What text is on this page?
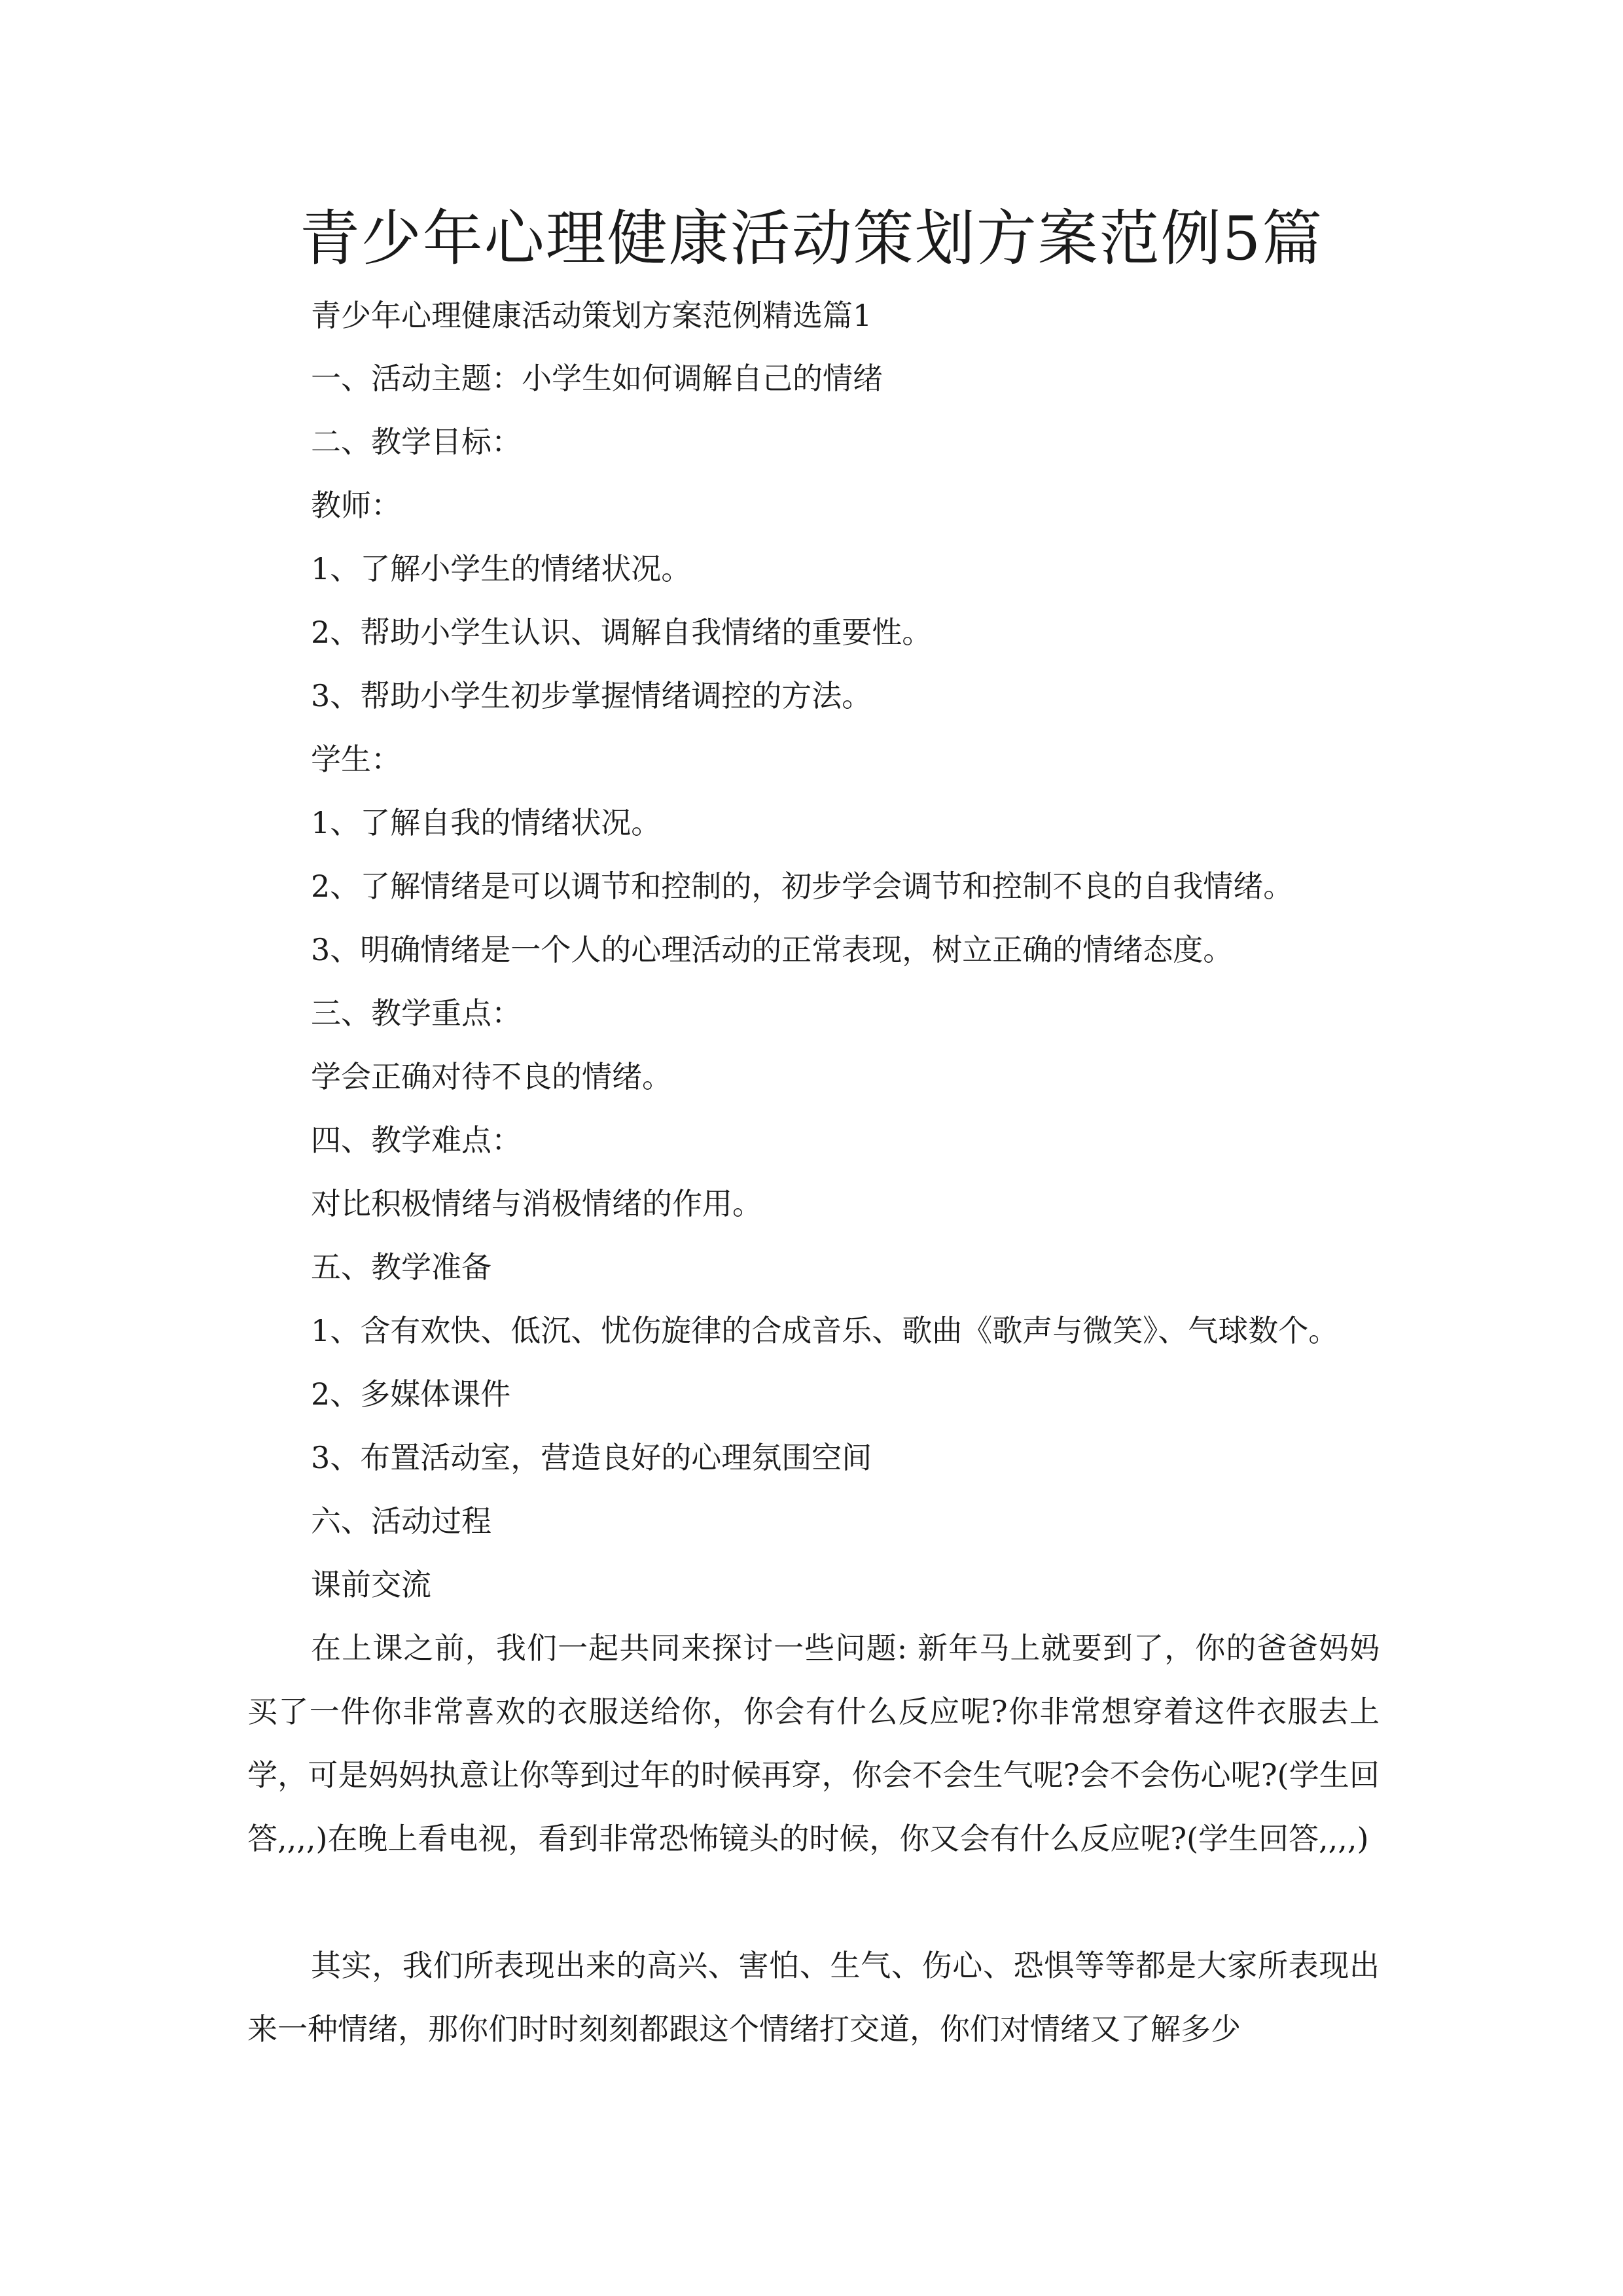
青少年心理健康活动策划方案范例5篇

青少年心理健康活动策划方案范例精选篇1

一、活动主题：小学生如何调解自己的情绪

二、教学目标：

教师：

1、了解小学生的情绪状况。

2、帮助小学生认识、调解自我情绪的重要性。

3、帮助小学生初步掌握情绪调控的方法。

学生：

1、了解自我的情绪状况。

2、了解情绪是可以调节和控制的，初步学会调节和控制不良的自我情绪。

3、明确情绪是一个人的心理活动的正常表现，树立正确的情绪态度。

三、教学重点：

学会正确对待不良的情绪。

四、教学难点：

对比积极情绪与消极情绪的作用。

五、教学准备

1、含有欢快、低沉、忧伤旋律的合成音乐、歌曲《歌声与微笑》、气球数个。

2、多媒体课件

3、布置活动室，营造良好的心理氛围空间

六、活动过程

课前交流

在上课之前，我们一起共同来探讨一些问题: 新年马上就要到了，你的爸爸妈妈买了一件你非常喜欢的衣服送给你，你会有什么反应呢?你非常想穿着这件衣服去上学，可是妈妈执意让你等到过年的时候再穿，你会不会生气呢?会不会伤心呢?(学生回答,,,,)在晚上看电视，看到非常恐怖镜头的时候，你又会有什么反应呢?(学生回答,,,,)

其实，我们所表现出来的高兴、害怕、生气、伤心、恐惧等等都是大家所表现出来一种情绪，那你们时时刻刻都跟这个情绪打交道，你们对情绪又了解多少
